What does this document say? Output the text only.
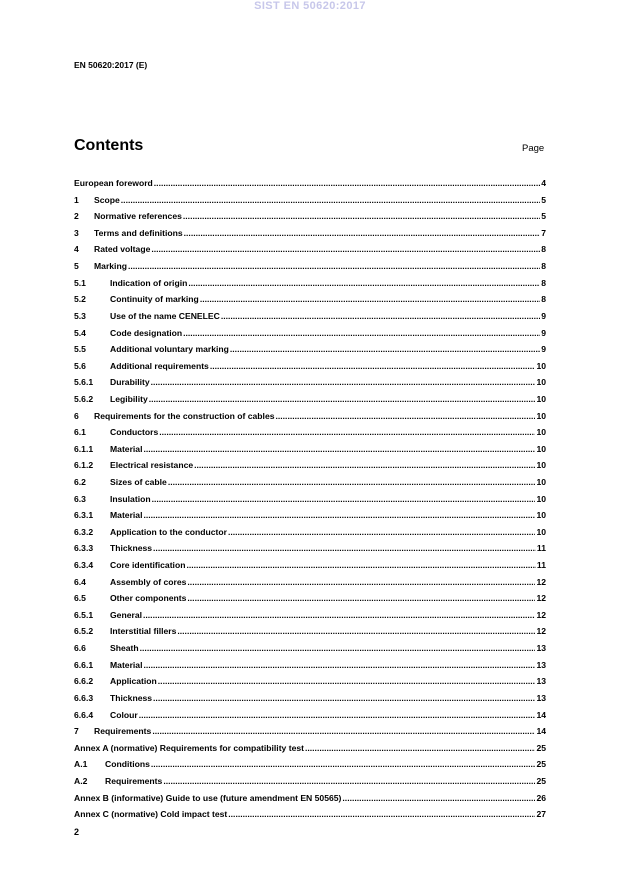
SIST EN 50620:2017
EN 50620:2017 (E)
Contents	Page
European foreword .....	4
1	Scope .....	5
2	Normative references .....	5
3	Terms and definitions .....	7
4	Rated voltage .....	8
5	Marking .....	8
5.1	Indication of origin .....	8
5.2	Continuity of marking .....	8
5.3	Use of the name CENELEC .....	9
5.4	Code designation .....	9
5.5	Additional voluntary marking .....	9
5.6	Additional requirements .....	10
5.6.1	Durability .....	10
5.6.2	Legibility .....	10
6	Requirements for the construction of cables .....	10
6.1	Conductors .....	10
6.1.1	Material .....	10
6.1.2	Electrical resistance .....	10
6.2	Sizes of cable .....	10
6.3	Insulation .....	10
6.3.1	Material .....	10
6.3.2	Application to the conductor .....	10
6.3.3	Thickness .....	11
6.3.4	Core identification .....	11
6.4	Assembly of cores .....	12
6.5	Other components .....	12
6.5.1	General .....	12
6.5.2	Interstitial fillers .....	12
6.6	Sheath .....	13
6.6.1	Material .....	13
6.6.2	Application .....	13
6.6.3	Thickness .....	13
6.6.4	Colour .....	14
7	Requirements .....	14
Annex A (normative) Requirements for compatibility test .....	25
A.1	Conditions .....	25
A.2	Requirements .....	25
Annex B (informative) Guide to use (future amendment EN 50565) .....	26
Annex C (normative) Cold impact test .....	27
2
